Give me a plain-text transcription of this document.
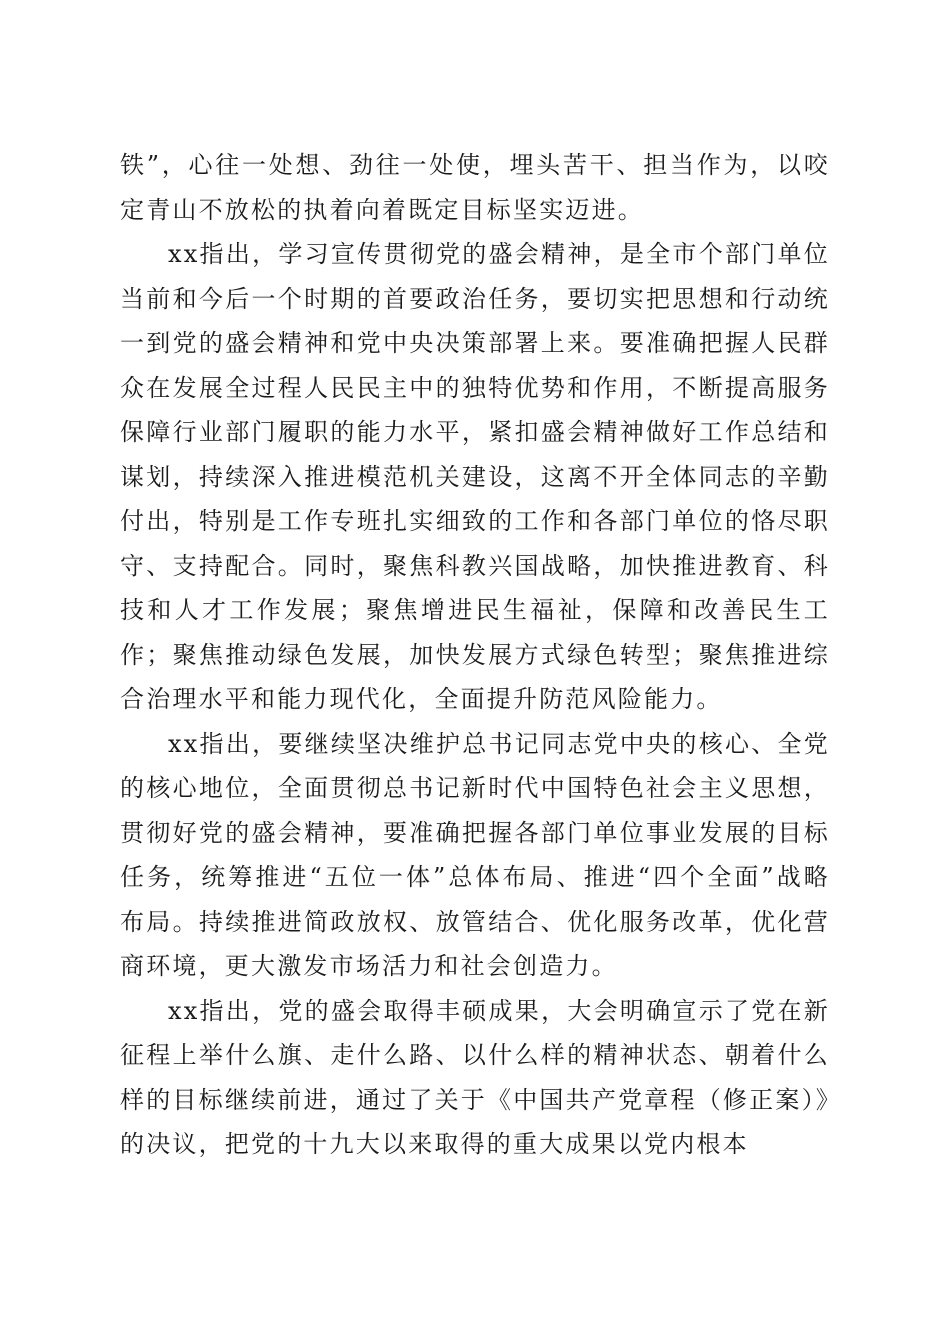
铁”，心往一处想、劲往一处使，埋头苦干、担当作为，以咬定青山不放松的执着向着既定目标坚实迈进。

xx指出，学习宣传贯彻党的盛会精神，是全市个部门单位当前和今后一个时期的首要政治任务，要切实把思想和行动统一到党的盛会精神和党中央决策部署上来。要准确把握人民群众在发展全过程人民民主中的独特优势和作用，不断提高服务保障行业部门履职的能力水平，紧扣盛会精神做好工作总结和谋划，持续深入推进模范机关建设，这离不开全体同志的辛勤付出，特别是工作专班扎实细致的工作和各部门单位的恪尽职守、支持配合。同时，聚焦科教兴国战略，加快推进教育、科技和人才工作发展；聚焦增进民生福祉，保障和改善民生工作；聚焦推动绿色发展，加快发展方式绿色转型；聚焦推进综合治理水平和能力现代化，全面提升防范风险能力。

xx指出，要继续坚决维护总书记同志党中央的核心、全党的核心地位，全面贯彻总书记新时代中国特色社会主义思想，贯彻好党的盛会精神，要准确把握各部门单位事业发展的目标任务，统筹推进“五位一体”总体布局、推进“四个全面”战略布局。持续推进简政放权、放管结合、优化服务改革，优化营商环境，更大激发市场活力和社会创造力。

xx指出，党的盛会取得丰硕成果，大会明确宣示了党在新征程上举什么旗、走什么路、以什么样的精神状态、朝着什么样的目标继续前进，通过了关于《中国共产党章程（修正案）》的决议，把党的十九大以来取得的重大成果以党内根本
